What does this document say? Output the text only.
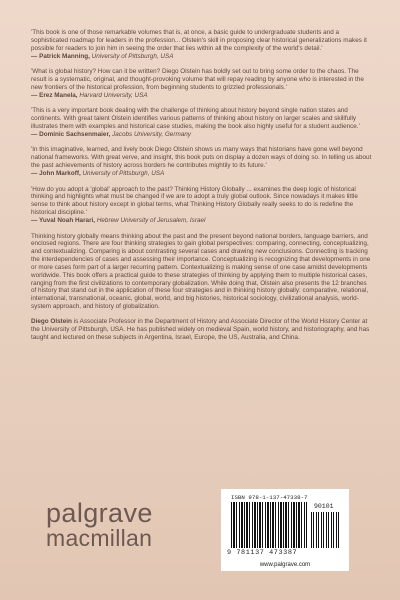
'This book is one of those remarkable volumes that is, at once, a basic guide to undergraduate students and a sophisticated roadmap for leaders in the profession... Olstein's skill in proposing clear historical generalizations makes it possible for readers to join him in seeing the order that lies within all the complexity of the world's detail.'

— Patrick Manning, University of Pittsburgh, USA

'What is global history? How can it be written? Diego Olstein has boldly set out to bring some order to the chaos. The result is a systematic, original, and thought-provoking volume that will repay reading by anyone who is interested in the new frontiers of the historical profession, from beginning students to grizzled professionals.'

— Erez Manela, Harvard University, USA

'This is a very important book dealing with the challenge of thinking about history beyond single nation states and continents. With great talent Olstein identifies various patterns of thinking about history on larger scales and skillfully illustrates them with examples and historical case studies, making the book also highly useful for a student audience.'

— Dominic Sachsenmaier, Jacobs University, Germany

'In this imaginative, learned, and lively book Diego Olstein shows us many ways that historians have gone well beyond national frameworks. With great verve, and insight, this book puts on display a dozen ways of doing so. In telling us about the past achievements of history across borders he contributes mightily to its future.'

— John Markoff, University of Pittsburgh, USA

'How do you adopt a 'global' approach to the past? Thinking History Globally ... examines the deep logic of historical thinking and highlights what must be changed if we are to adopt a truly global outlook. Since nowadays it makes little sense to think about history except in global terms, what Thinking History Globally really seeks to do is redefine the historical discipline.'

— Yuval Noah Harari, Hebrew University of Jerusalem, Israel

Thinking history globally means thinking about the past and the present beyond national borders, language barriers, and enclosed regions. There are four thinking strategies to gain global perspectives: comparing, connecting, conceptualizing, and contextualizing. Comparing is about contrasting several cases and drawing new conclusions. Connecting is tracking the interdependencies of cases and assessing their importance. Conceptualizing is recognizing that developments in one or more cases form part of a larger recurring pattern. Contextualizing is making sense of one case amidst developments worldwide. This book offers a practical guide to these strategies of thinking by applying them to multiple historical cases, ranging from the first civilizations to contemporary globalization. While doing that, Olstein also presents the 12 branches of history that stand out in the application of these four strategies and in thinking history globally: comparative, relational, international, transnational, oceanic, global, world, and big histories, historical sociology, civilizational analysis, world-system approach, and history of globalization.

Diego Olstein is Associate Professor in the Department of History and Associate Director of the World History Center at the University of Pittsburgh, USA. He has published widely on medieval Spain, world history, and historiography, and has taught and lectured on these subjects in Argentina, Israel, Europe, the US, Australia, and China.

palgrave
macmillan
ISBN 978-1-137-47338-7
90101
9 781137 473387
www.palgrave.com
